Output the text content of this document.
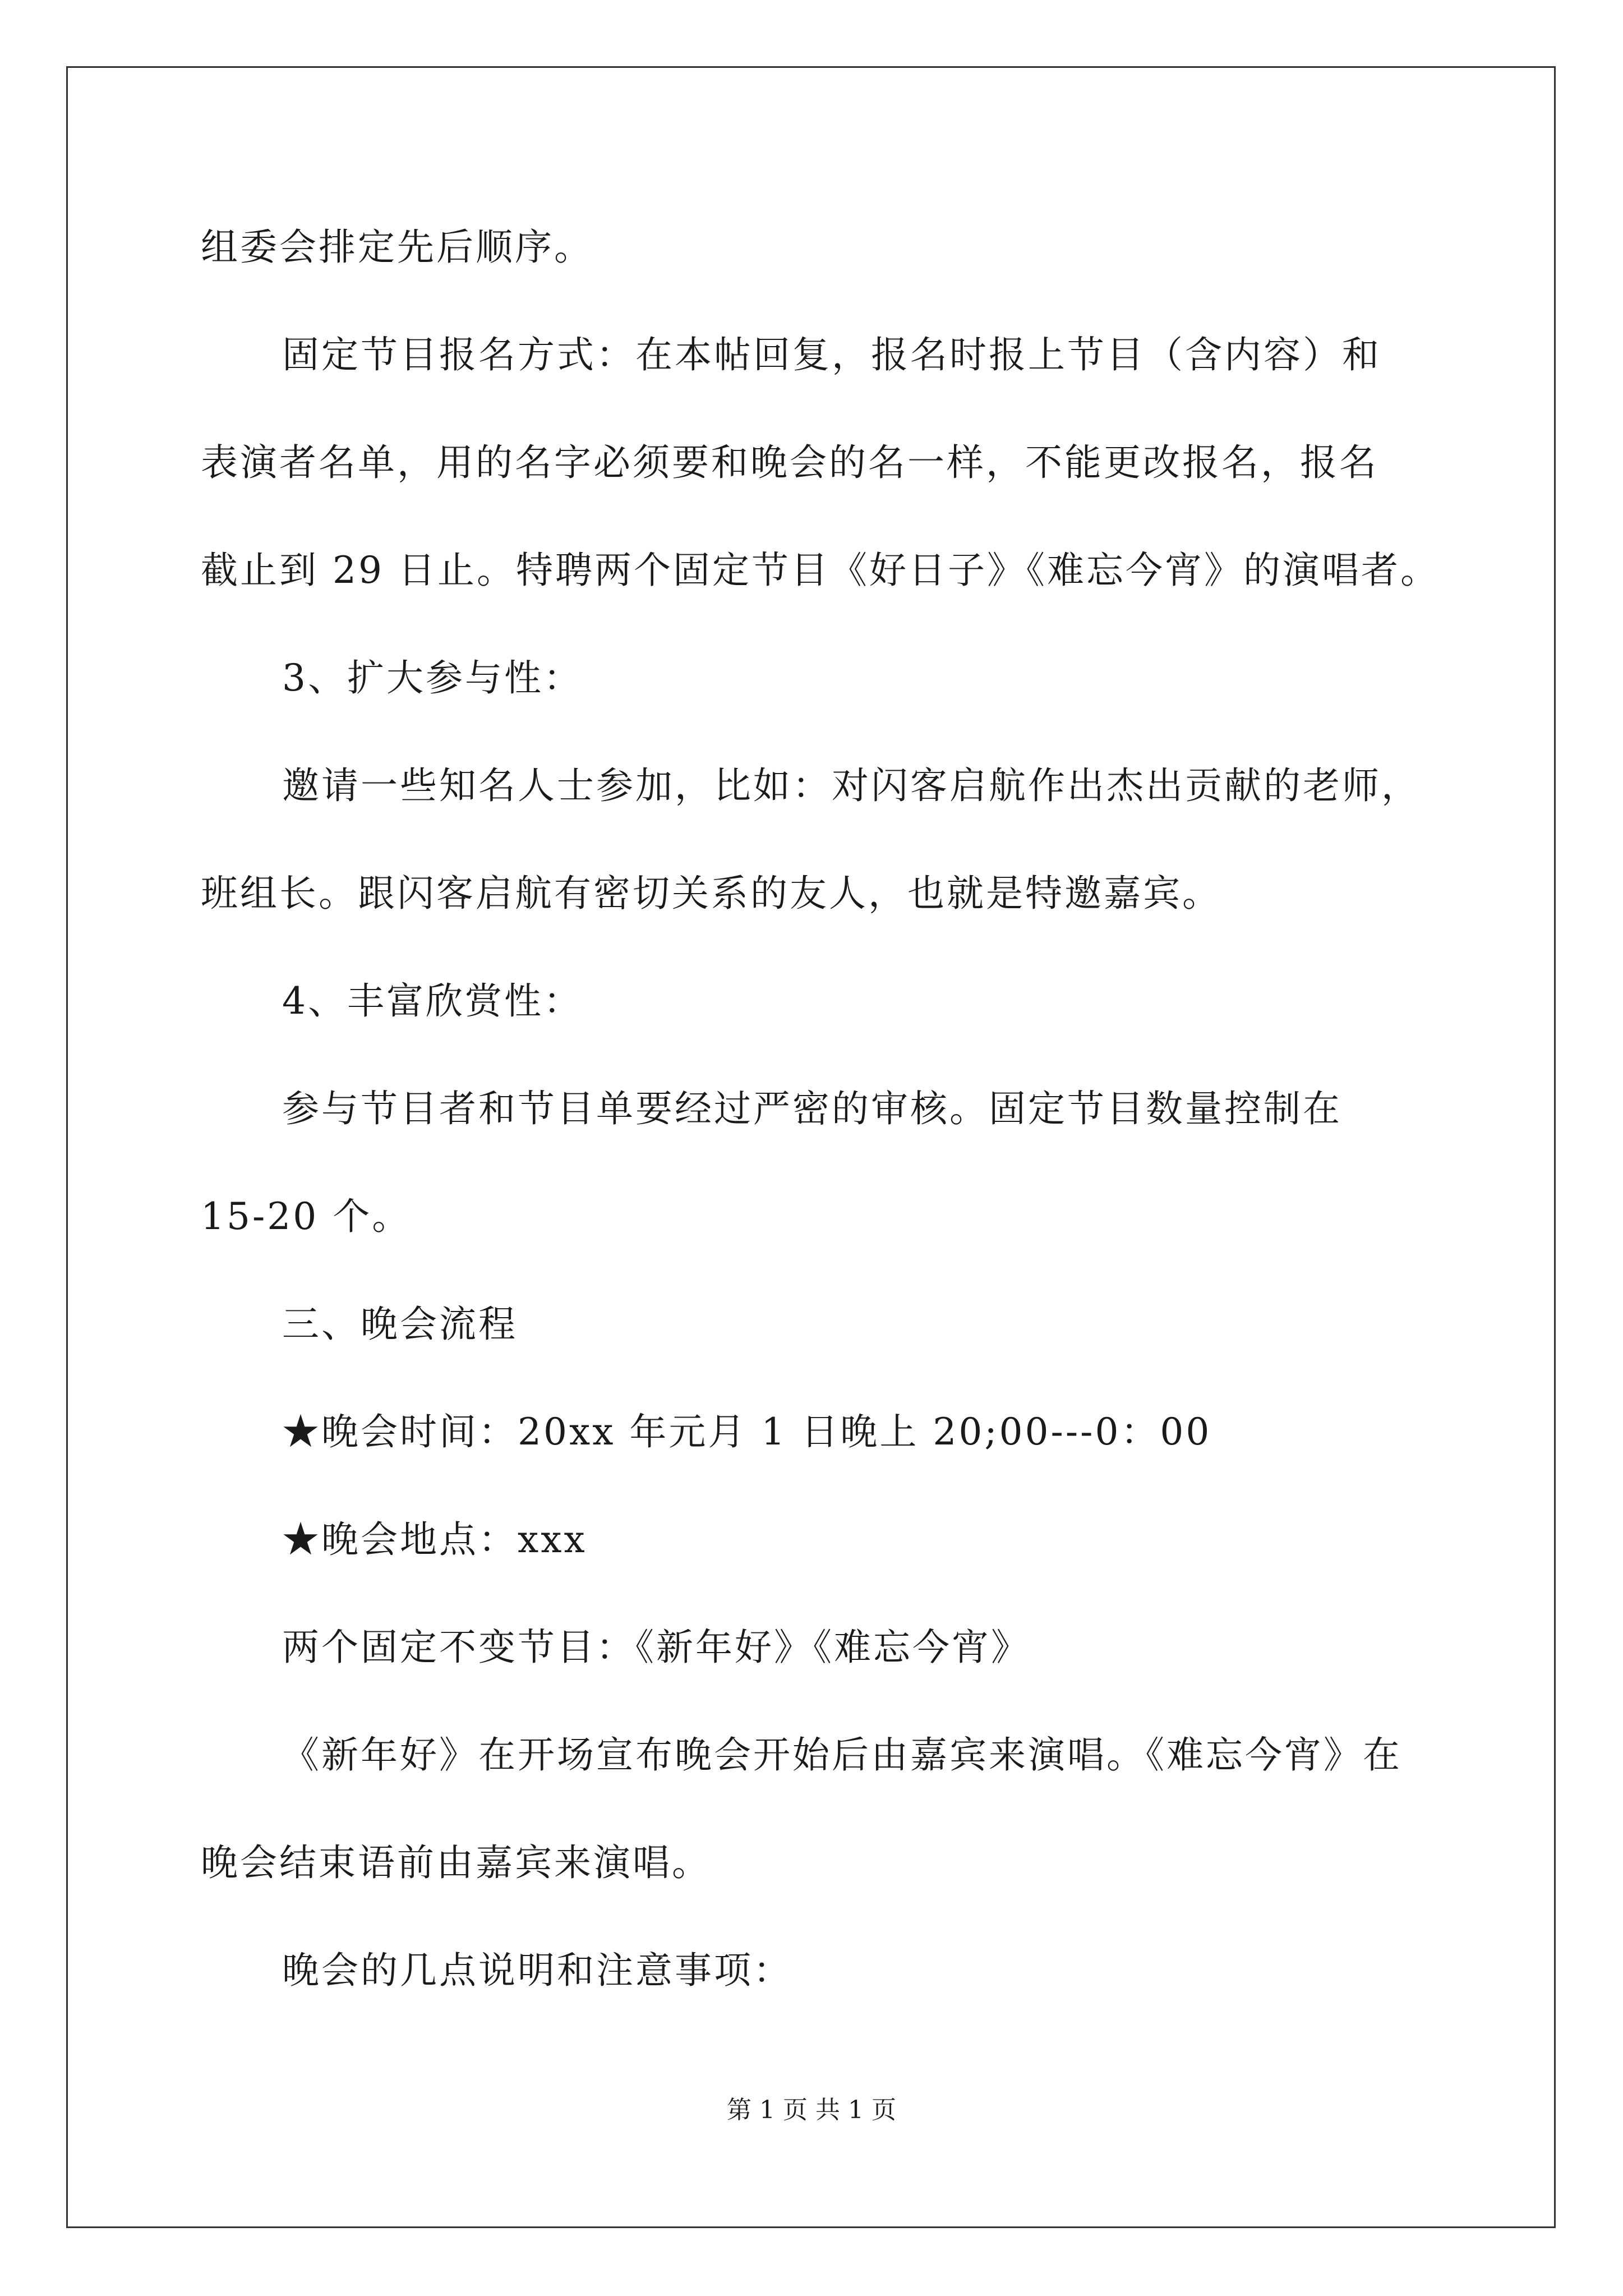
组委会排定先后顺序。
固定节目报名方式：在本帖回复，报名时报上节目（含内容）和
表演者名单，用的名字必须要和晚会的名一样，不能更改报名，报名
截止到 29 日止。特聘两个固定节目《好日子》《难忘今宵》的演唱者。
3、扩大参与性：
邀请一些知名人士参加，比如：对闪客启航作出杰出贡献的老师，
班组长。跟闪客启航有密切关系的友人，也就是特邀嘉宾。
4、丰富欣赏性：
参与节目者和节目单要经过严密的审核。固定节目数量控制在
15-20 个。
三、晚会流程
★晚会时间：20xx 年元月 1 日晚上 20;00---0：00
★晚会地点：xxx
两个固定不变节目：《新年好》《难忘今宵》
《新年好》在开场宣布晚会开始后由嘉宾来演唱。《难忘今宵》在
晚会结束语前由嘉宾来演唱。
晚会的几点说明和注意事项：
第 1 页 共 1 页
